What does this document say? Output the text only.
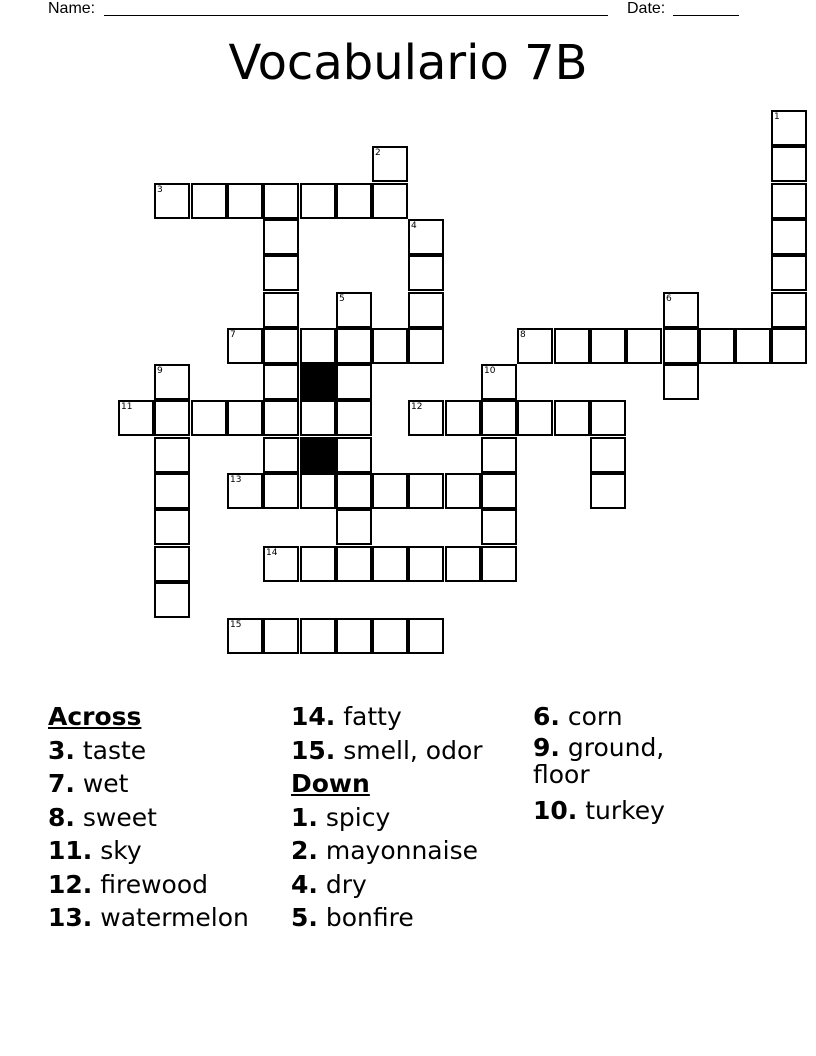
Name:	Date:
Vocabulario 7B
1
2
3
4
5	6
7	8
9	10
11	12
13
14
15
Across
3. taste
7. wet
8. sweet
11. sky
12. firewood
13. watermelon
14. fatty
15. smell, odor
Down
1. spicy
2. mayonnaise
4. dry
5. bonfire
6. corn
9. ground, floor
10. turkey
